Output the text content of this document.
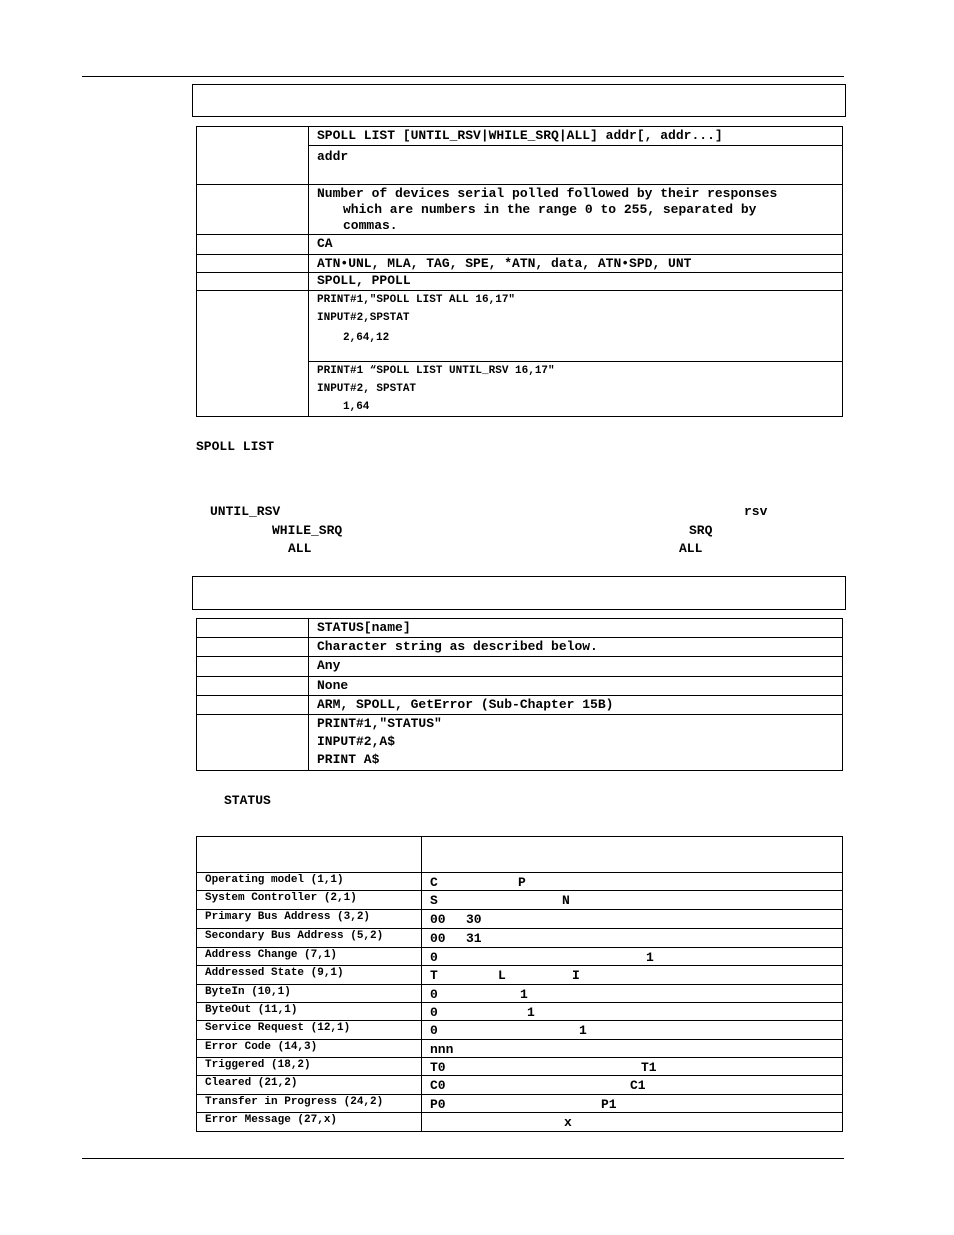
	SPOLL LIST [UNTIL_RSV|WHILE_SRQ|ALL] addr[, addr...]
	addr

	Number of devices serial polled followed by their responses
which are numbers in the range 0 to 255, separated by
commas.

	CA
	ATN•UNL, MLA, TAG, SPE, *ATN, data, ATN•SPD, UNT
	SPOLL, PPOLL

	PRINT#1,"SPOLL LIST ALL 16,17"
INPUT#2,SPSTAT
2,64,12

	PRINT#1 “SPOLL LIST UNTIL_RSV 16,17"
INPUT#2, SPSTAT
1,64
SPOLL LIST
UNTIL_RSV	rsv
WHILE_SRQ	SRQ
ALL	ALL
	STATUS[name]
	Character string as described below.
	Any
	None
	ARM, SPOLL, GetError (Sub-Chapter 15B)

	PRINT#1,"STATUS"
INPUT#2,A$
PRINT A$
STATUS

Operating model (1,1)	C P

System Controller (2,1)	S N

Primary Bus Address (3,2)	00 30

Secondary Bus Address (5,2)	00 31

Address Change (7,1)	0 1

Addressed State (9,1)	T L I

ByteIn (10,1)	0 1

ByteOut (11,1)	0 1

Service Request (12,1)	0 1

Error Code (14,3)	nnn

Triggered (18,2)	T0 T1

Cleared (21,2)	C0 C1

Transfer in Progress (24,2)	P0 P1

Error Message (27,x)	x
